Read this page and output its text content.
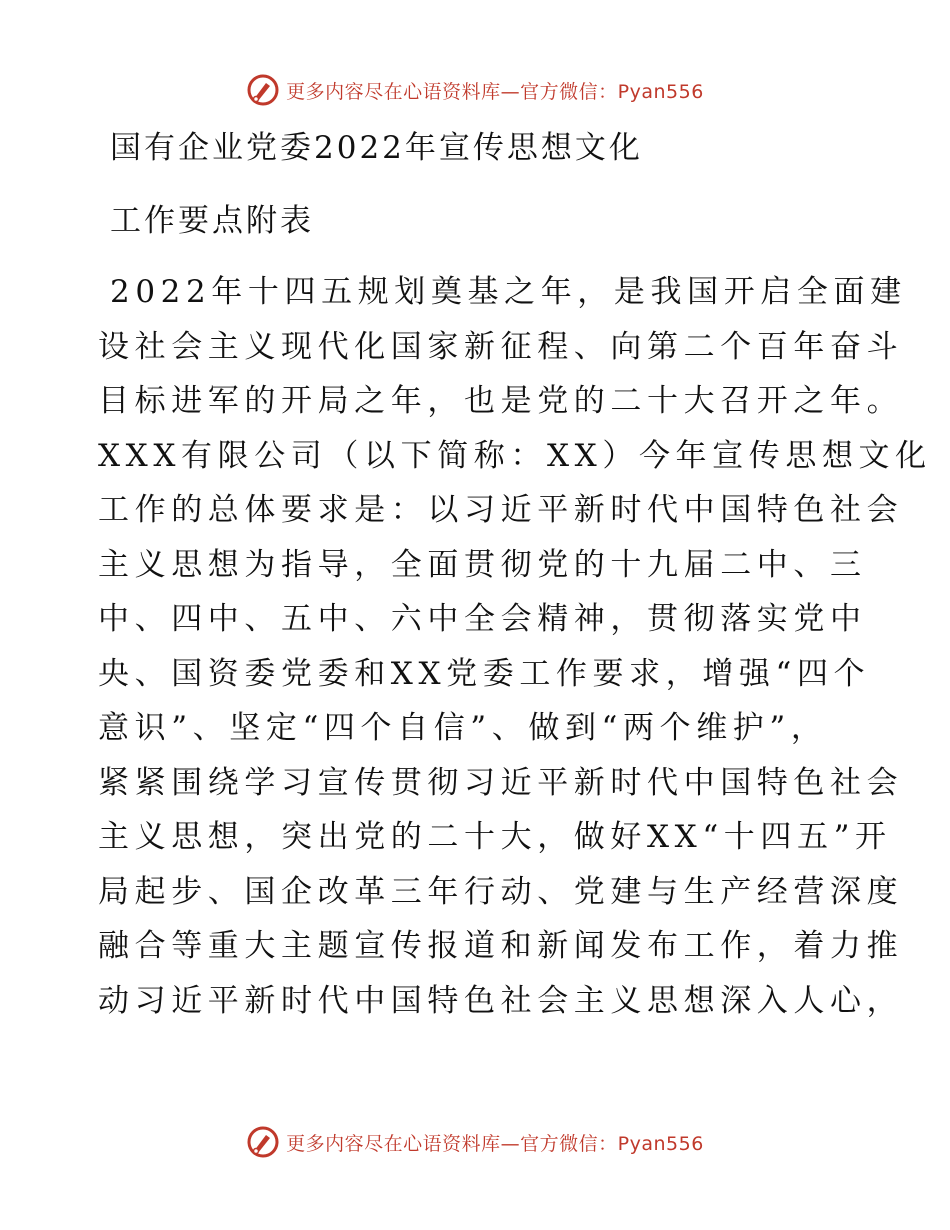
更多内容尽在心语资料库—官方微信：Pyan556
国有企业党委2022年宣传思想文化
工作要点附表
2022年十四五规划奠基之年，是我国开启全面建
设社会主义现代化国家新征程、向第二个百年奋斗
目标进军的开局之年，也是党的二十大召开之年。
XXX有限公司（以下简称：XX）今年宣传思想文化
工作的总体要求是：以习近平新时代中国特色社会
主义思想为指导，全面贯彻党的十九届二中、三
中、四中、五中、六中全会精神，贯彻落实党中
央、国资委党委和XX党委工作要求，增强“四个
意识”、坚定“四个自信”、做到“两个维护”，
紧紧围绕学习宣传贯彻习近平新时代中国特色社会
主义思想，突出党的二十大，做好XX“十四五”开
局起步、国企改革三年行动、党建与生产经营深度
融合等重大主题宣传报道和新闻发布工作，着力推
动习近平新时代中国特色社会主义思想深入人心，
更多内容尽在心语资料库—官方微信：Pyan556
